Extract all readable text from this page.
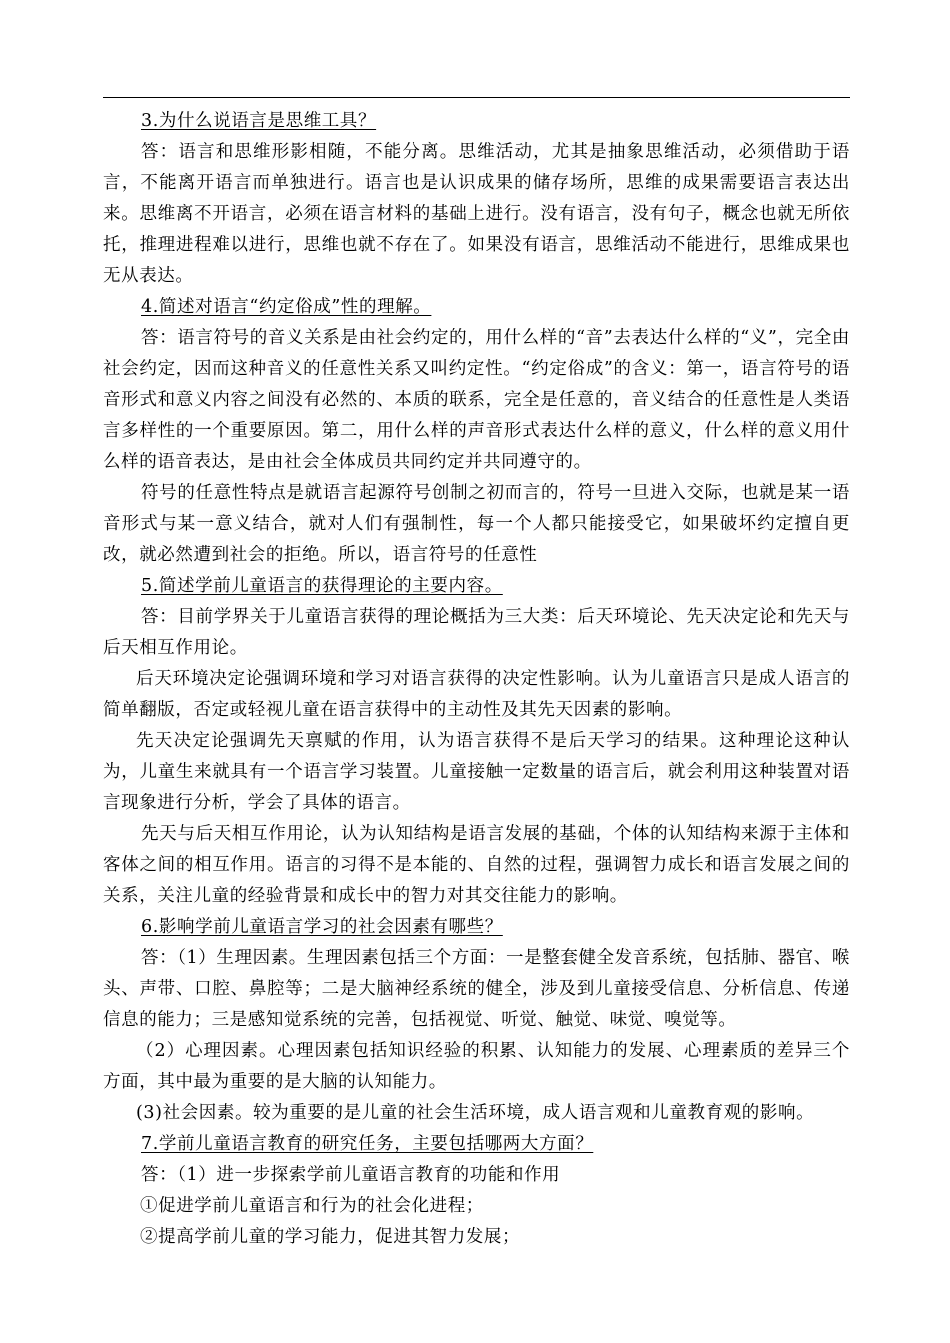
3.为什么说语言是思维工具？

答：语言和思维形影相随，不能分离。思维活动，尤其是抽象思维活动，必须借助于语言，不能离开语言而单独进行。语言也是认识成果的储存场所，思维的成果需要语言表达出来。思维离不开语言，必须在语言材料的基础上进行。没有语言，没有句子，概念也就无所依托，推理进程难以进行，思维也就不存在了。如果没有语言，思维活动不能进行，思维成果也无从表达。

4.简述对语言“约定俗成”性的理解。

答：语言符号的音义关系是由社会约定的，用什么样的“音”去表达什么样的“义”，完全由社会约定，因而这种音义的任意性关系又叫约定性。“约定俗成”的含义：第一，语言符号的语音形式和意义内容之间没有必然的、本质的联系，完全是任意的，音义结合的任意性是人类语言多样性的一个重要原因。第二，用什么样的声音形式表达什么样的意义，什么样的意义用什么样的语音表达，是由社会全体成员共同约定并共同遵守的。

符号的任意性特点是就语言起源符号创制之初而言的，符号一旦进入交际，也就是某一语音形式与某一意义结合，就对人们有强制性，每一个人都只能接受它，如果破坏约定擅自更改，就必然遭到社会的拒绝。所以，语言符号的任意性

5.简述学前儿童语言的获得理论的主要内容。

答：目前学界关于儿童语言获得的理论概括为三大类：后天环境论、先天决定论和先天与后天相互作用论。

后天环境决定论强调环境和学习对语言获得的决定性影响。认为儿童语言只是成人语言的简单翻版，否定或轻视儿童在语言获得中的主动性及其先天因素的影响。

先天决定论强调先天禀赋的作用，认为语言获得不是后天学习的结果。这种理论这种认为，儿童生来就具有一个语言学习装置。儿童接触一定数量的语言后，就会利用这种装置对语言现象进行分析，学会了具体的语言。

先天与后天相互作用论，认为认知结构是语言发展的基础，个体的认知结构来源于主体和客体之间的相互作用。语言的习得不是本能的、自然的过程，强调智力成长和语言发展之间的关系，关注儿童的经验背景和成长中的智力对其交往能力的影响。

6.影响学前儿童语言学习的社会因素有哪些？

答：（1）生理因素。生理因素包括三个方面：一是整套健全发音系统，包括肺、器官、喉头、声带、口腔、鼻腔等；二是大脑神经系统的健全，涉及到儿童接受信息、分析信息、传递信息的能力；三是感知觉系统的完善，包括视觉、听觉、触觉、味觉、嗅觉等。

（2）心理因素。心理因素包括知识经验的积累、认知能力的发展、心理素质的差异三个方面，其中最为重要的是大脑的认知能力。

(3)社会因素。较为重要的是儿童的社会生活环境，成人语言观和儿童教育观的影响。

7.学前儿童语言教育的研究任务，主要包括哪两大方面？

答：（1）进一步探索学前儿童语言教育的功能和作用

①促进学前儿童语言和行为的社会化进程；

②提高学前儿童的学习能力，促进其智力发展；
